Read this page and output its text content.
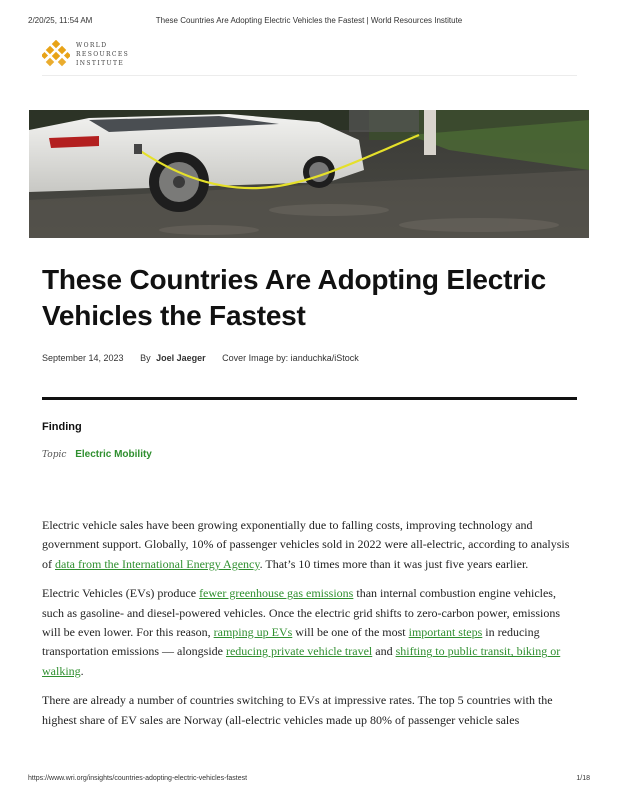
2/20/25, 11:54 AM	These Countries Are Adopting Electric Vehicles the Fastest | World Resources Institute
WORLD
RESOURCES
INSTITUTE
These Countries Are Adopting Electric Vehicles the Fastest
September 14, 2023 By Joel Jaeger Cover Image by: ianduchka/iStock
Finding
Topic Electric Mobility

Electric vehicle sales have been growing exponentially due to falling costs, improving technology and government support. Globally, 10% of passenger vehicles sold in 2022 were all-electric, according to analysis of data from the International Energy Agency. That’s 10 times more than it was just five years earlier.

Electric Vehicles (EVs) produce fewer greenhouse gas emissions than internal combustion engine vehicles, such as gasoline- and diesel-powered vehicles. Once the electric grid shifts to zero-carbon power, emissions will be even lower. For this reason, ramping up EVs will be one of the most important steps in reducing transportation emissions — alongside reducing private vehicle travel and shifting to public transit, biking or walking.

There are already a number of countries switching to EVs at impressive rates. The top 5 countries with the highest share of EV sales are Norway (all-electric vehicles made up 80% of passenger vehicle sales

https://www.wri.org/insights/countries-adopting-electric-vehicles-fastest	1/18
